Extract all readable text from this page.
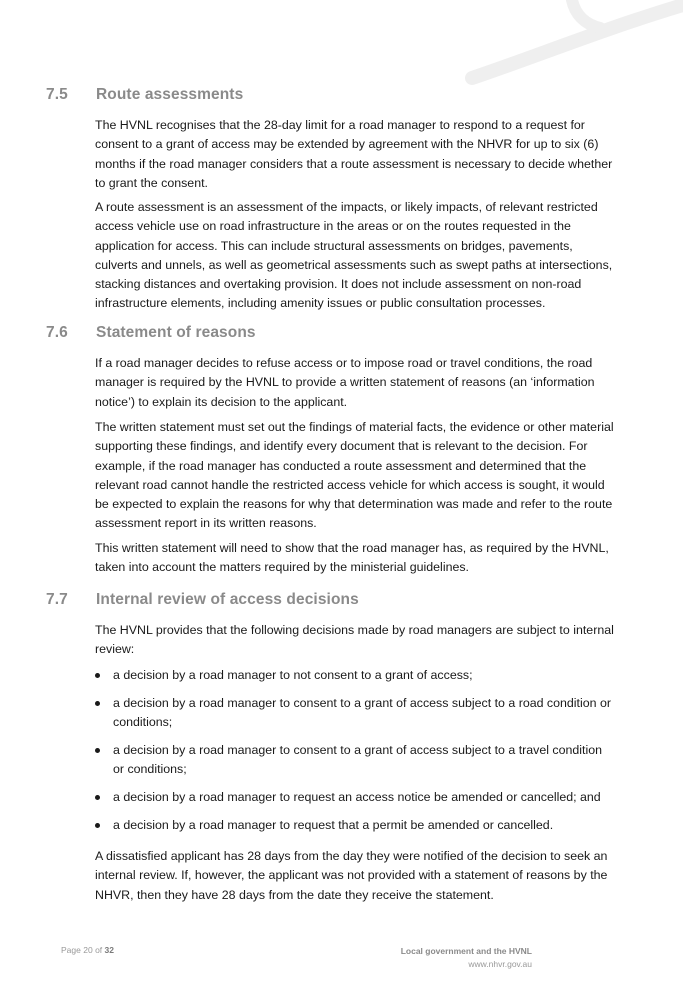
7.5 Route assessments

The HVNL recognises that the 28-day limit for a road manager to respond to a request for consent to a grant of access may be extended by agreement with the NHVR for up to six (6) months if the road manager considers that a route assessment is necessary to decide whether to grant the consent.

A route assessment is an assessment of the impacts, or likely impacts, of relevant restricted access vehicle use on road infrastructure in the areas or on the routes requested in the application for access. This can include structural assessments on bridges, pavements, culverts and unnels, as well as geometrical assessments such as swept paths at intersections, stacking distances and overtaking provision. It does not include assessment on non-road infrastructure elements, including amenity issues or public consultation processes.

7.6 Statement of reasons

If a road manager decides to refuse access or to impose road or travel conditions, the road manager is required by the HVNL to provide a written statement of reasons (an ‘information notice’) to explain its decision to the applicant.

The written statement must set out the findings of material facts, the evidence or other material supporting these findings, and identify every document that is relevant to the decision. For example, if the road manager has conducted a route assessment and determined that the relevant road cannot handle the restricted access vehicle for which access is sought, it would be expected to explain the reasons for why that determination was made and refer to the route assessment report in its written reasons.

This written statement will need to show that the road manager has, as required by the HVNL, taken into account the matters required by the ministerial guidelines.

7.7 Internal review of access decisions

The HVNL provides that the following decisions made by road managers are subject to internal review:

a decision by a road manager to not consent to a grant of access;
a decision by a road manager to consent to a grant of access subject to a road condition or conditions;
a decision by a road manager to consent to a grant of access subject to a travel condition or conditions;
a decision by a road manager to request an access notice be amended or cancelled; and
a decision by a road manager to request that a permit be amended or cancelled.

A dissatisfied applicant has 28 days from the day they were notified of the decision to seek an internal review. If, however, the applicant was not provided with a statement of reasons by the NHVR, then they have 28 days from the date they receive the statement.

Page 20 of 32	Local government and the HVNL
www.nhvr.gov.au
